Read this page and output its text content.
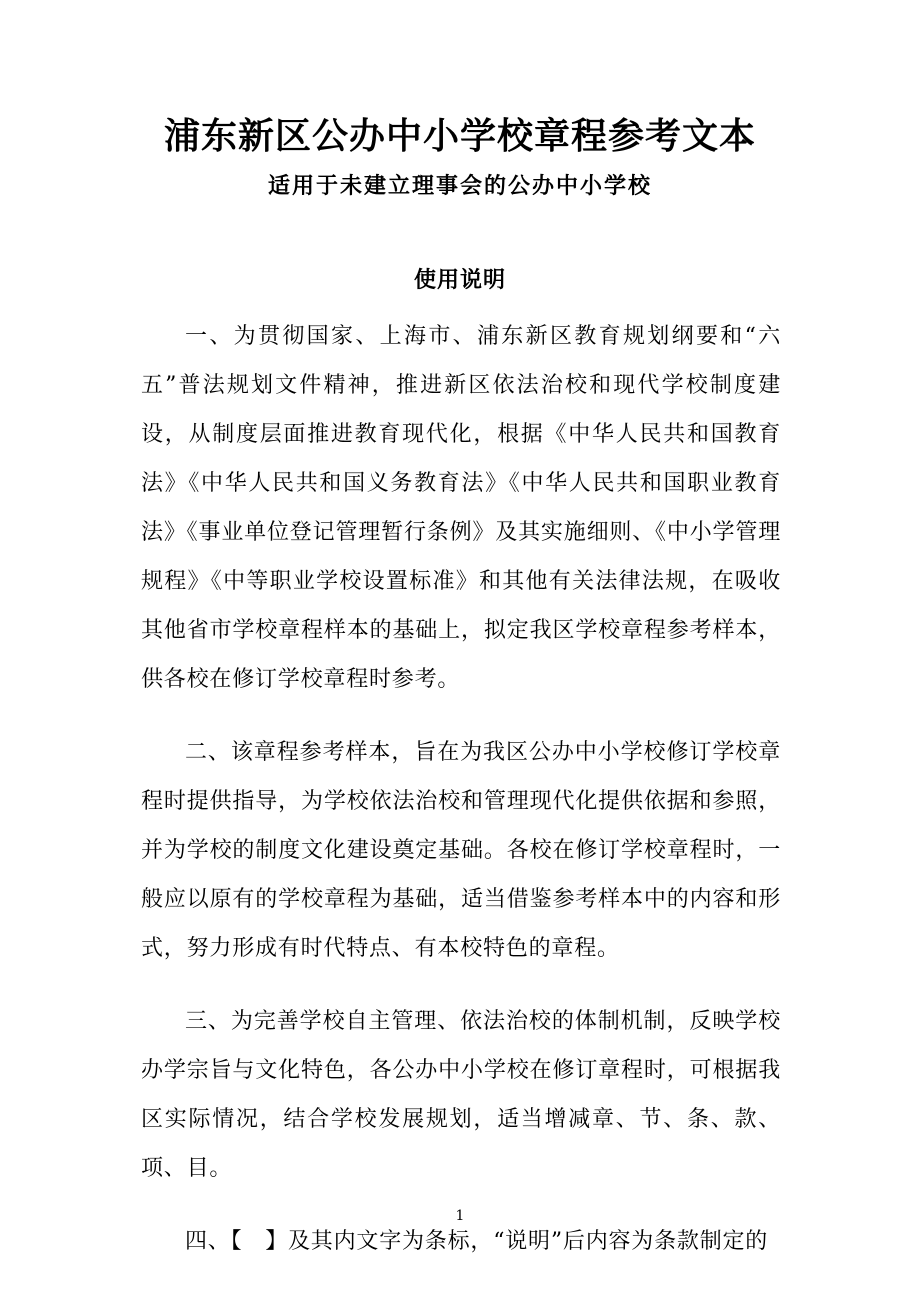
浦东新区公办中小学校章程参考文本
适用于未建立理事会的公办中小学校
使用说明

一、为贯彻国家、上海市、浦东新区教育规划纲要和“六五”普法规划文件精神，推进新区依法治校和现代学校制度建设，从制度层面推进教育现代化，根据《中华人民共和国教育法》《中华人民共和国义务教育法》《中华人民共和国职业教育法》《事业单位登记管理暂行条例》及其实施细则、《中小学管理规程》《中等职业学校设置标准》和其他有关法律法规，在吸收其他省市学校章程样本的基础上，拟定我区学校章程参考样本，供各校在修订学校章程时参考。

二、该章程参考样本，旨在为我区公办中小学校修订学校章程时提供指导，为学校依法治校和管理现代化提供依据和参照，并为学校的制度文化建设奠定基础。各校在修订学校章程时，一般应以原有的学校章程为基础，适当借鉴参考样本中的内容和形式，努力形成有时代特点、有本校特色的章程。

三、为完善学校自主管理、依法治校的体制机制，反映学校办学宗旨与文化特色，各公办中小学校在修订章程时，可根据我区实际情况，结合学校发展规划，适当增减章、节、条、款、项、目。

四、【　】及其内文字为条标，“说明”后内容为条款制定的

1
